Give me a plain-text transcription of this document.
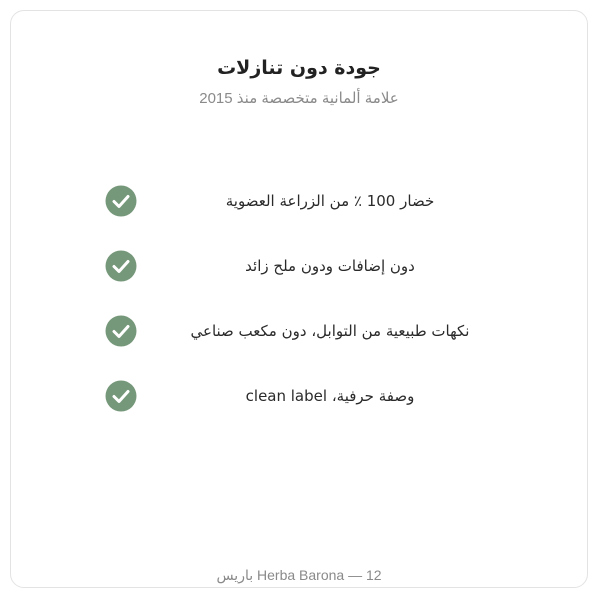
جودة دون تنازلات
علامة ألمانية متخصصة منذ 2015
خضار 100 ٪ من الزراعة العضوية
دون إضافات ودون ملح زائد
نكهات طبيعية من التوابل، دون مكعب صناعي
وصفة حرفية، clean label
Herba Barona — 12 باريس
